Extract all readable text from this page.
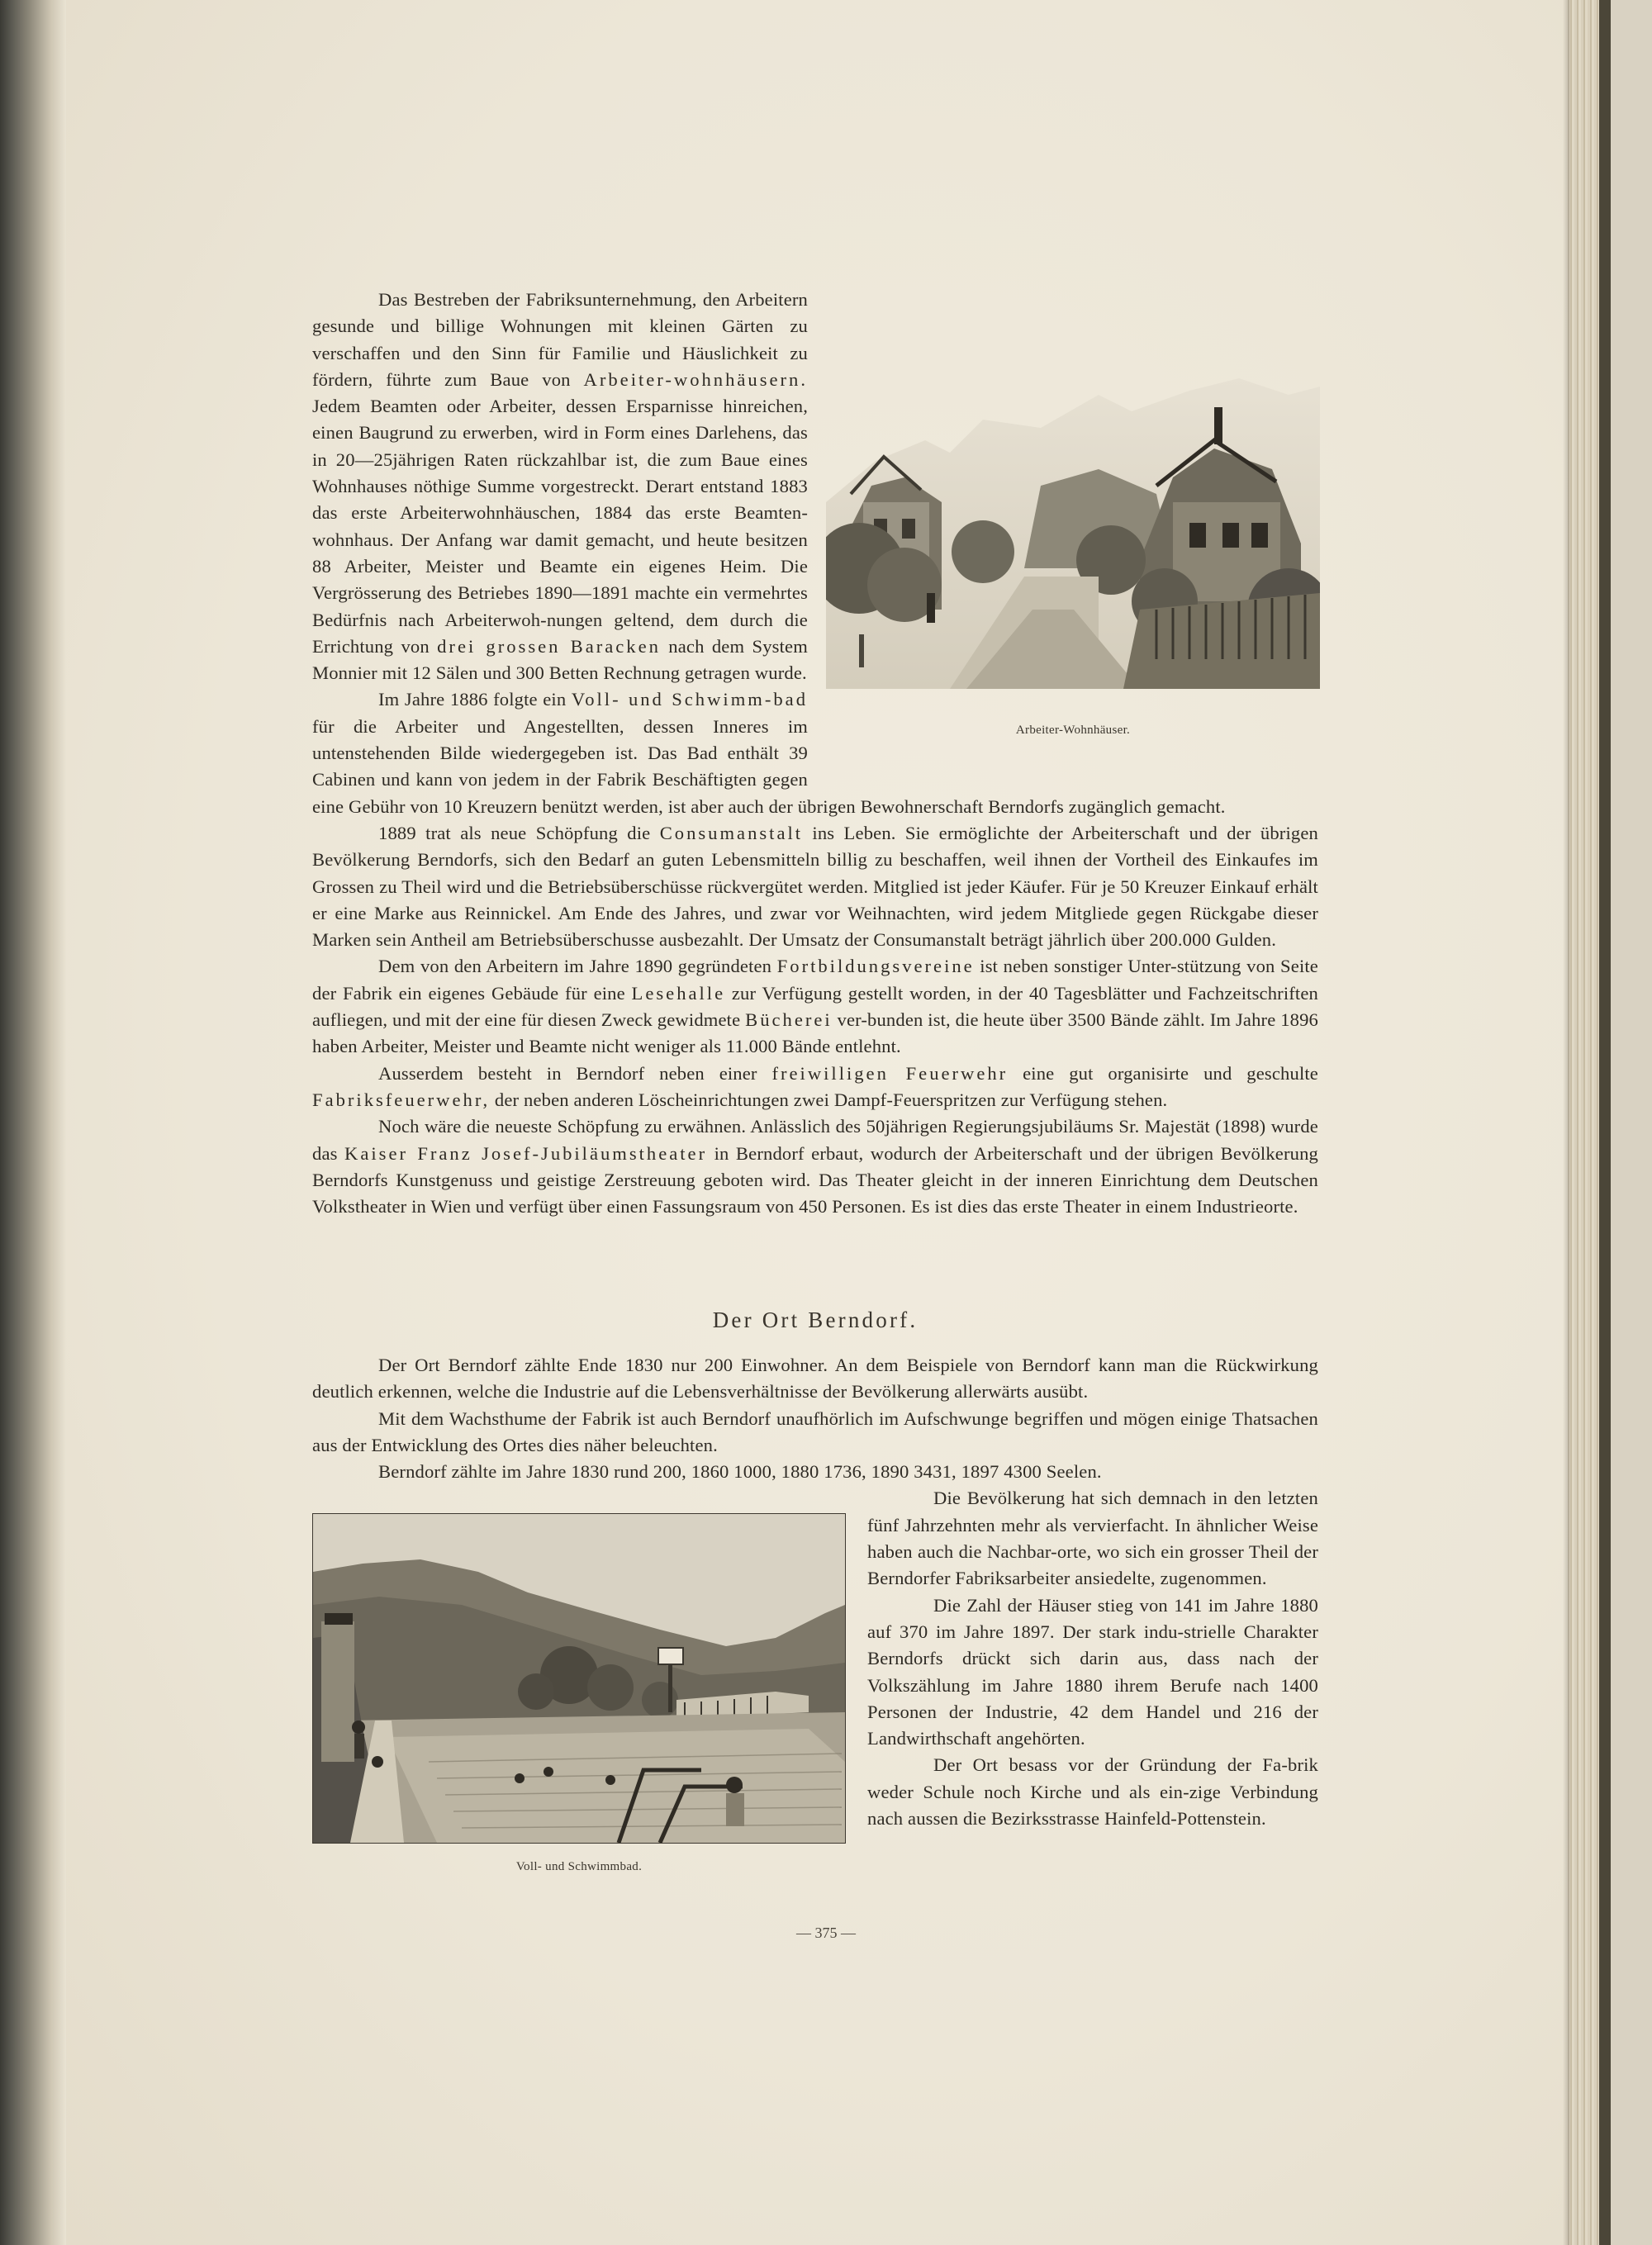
Das Bestreben der Fabriksunternehmung, den Arbeitern gesunde und billige Wohnungen mit kleinen Gärten zu verschaffen und den Sinn für Familie und Häuslichkeit zu fördern, führte zum Baue von Arbeiter-wohnhäusern. Jedem Beamten oder Arbeiter, dessen Ersparnisse hinreichen, einen Baugrund zu erwerben, wird in Form eines Darlehens, das in 20—25jährigen Raten rückzahlbar ist, die zum Baue eines Wohnhauses nöthige Summe vorgestreckt. Derart entstand 1883 das erste Arbeiterwohnhäuschen, 1884 das erste Beamten-wohnhaus. Der Anfang war damit gemacht, und heute besitzen 88 Arbeiter, Meister und Beamte ein eigenes Heim. Die Vergrösserung des Betriebes 1890—1891 machte ein vermehrtes Bedürfnis nach Arbeiterwoh-nungen geltend, dem durch die Errichtung von drei grossen Baracken nach dem System Monnier mit 12 Sälen und 300 Betten Rechnung getragen wurde.

Im Jahre 1886 folgte ein Voll- und Schwimm-bad für die Arbeiter und Angestellten, dessen Inneres im untenstehenden Bilde wiedergegeben ist. Das Bad enthält 39 Cabinen und kann von jedem in der Fabrik Beschäftigten gegen eine Gebühr von 10 Kreuzern benützt werden, ist aber auch der übrigen Bewohnerschaft Berndorfs zugänglich gemacht.

1889 trat als neue Schöpfung die Consumanstalt ins Leben. Sie ermöglichte der Arbeiterschaft und der übrigen Bevölkerung Berndorfs, sich den Bedarf an guten Lebensmitteln billig zu beschaffen, weil ihnen der Vortheil des Einkaufes im Grossen zu Theil wird und die Betriebsüberschüsse rückvergütet werden. Mitglied ist jeder Käufer. Für je 50 Kreuzer Einkauf erhält er eine Marke aus Reinnickel. Am Ende des Jahres, und zwar vor Weihnachten, wird jedem Mitgliede gegen Rückgabe dieser Marken sein Antheil am Betriebsüberschusse ausbezahlt. Der Umsatz der Consumanstalt beträgt jährlich über 200.000 Gulden.

Dem von den Arbeitern im Jahre 1890 gegründeten Fortbildungsvereine ist neben sonstiger Unter-stützung von Seite der Fabrik ein eigenes Gebäude für eine Lesehalle zur Verfügung gestellt worden, in der 40 Tagesblätter und Fachzeitschriften aufliegen, und mit der eine für diesen Zweck gewidmete Bücherei ver-bunden ist, die heute über 3500 Bände zählt. Im Jahre 1896 haben Arbeiter, Meister und Beamte nicht weniger als 11.000 Bände entlehnt.

Ausserdem besteht in Berndorf neben einer freiwilligen Feuerwehr eine gut organisirte und geschulte Fabriksfeuerwehr, der neben anderen Löscheinrichtungen zwei Dampf-Feuerspritzen zur Verfügung stehen.

Noch wäre die neueste Schöpfung zu erwähnen. Anlässlich des 50jährigen Regierungsjubiläums Sr. Majestät (1898) wurde das Kaiser Franz Josef-Jubiläumstheater in Berndorf erbaut, wodurch der Arbeiterschaft und der übrigen Bevölkerung Berndorfs Kunstgenuss und geistige Zerstreuung geboten wird. Das Theater gleicht in der inneren Einrichtung dem Deutschen Volkstheater in Wien und verfügt über einen Fassungsraum von 450 Personen. Es ist dies das erste Theater in einem Industrieorte.

Arbeiter-Wohnhäuser.
Der Ort Berndorf.

Der Ort Berndorf zählte Ende 1830 nur 200 Einwohner. An dem Beispiele von Berndorf kann man die Rückwirkung deutlich erkennen, welche die Industrie auf die Lebensverhältnisse der Bevölkerung allerwärts ausübt.

Mit dem Wachsthume der Fabrik ist auch Berndorf unaufhörlich im Aufschwunge begriffen und mögen einige Thatsachen aus der Entwicklung des Ortes dies näher beleuchten.

Berndorf zählte im Jahre 1830 rund 200, 1860 1000, 1880 1736, 1890 3431, 1897 4300 Seelen.

Die Bevölkerung hat sich demnach in den letzten fünf Jahrzehnten mehr als vervierfacht. In ähnlicher Weise haben auch die Nachbar-orte, wo sich ein grosser Theil der Berndorfer Fabriksarbeiter ansiedelte, zugenommen.

Die Zahl der Häuser stieg von 141 im Jahre 1880 auf 370 im Jahre 1897. Der stark indu-strielle Charakter Berndorfs drückt sich darin aus, dass nach der Volkszählung im Jahre 1880 ihrem Berufe nach 1400 Personen der Industrie, 42 dem Handel und 216 der Landwirthschaft angehörten.

Der Ort besass vor der Gründung der Fa-brik weder Schule noch Kirche und als ein-zige Verbindung nach aussen die Bezirksstrasse Hainfeld-Pottenstein.

Voll- und Schwimmbad.
— 375 —
